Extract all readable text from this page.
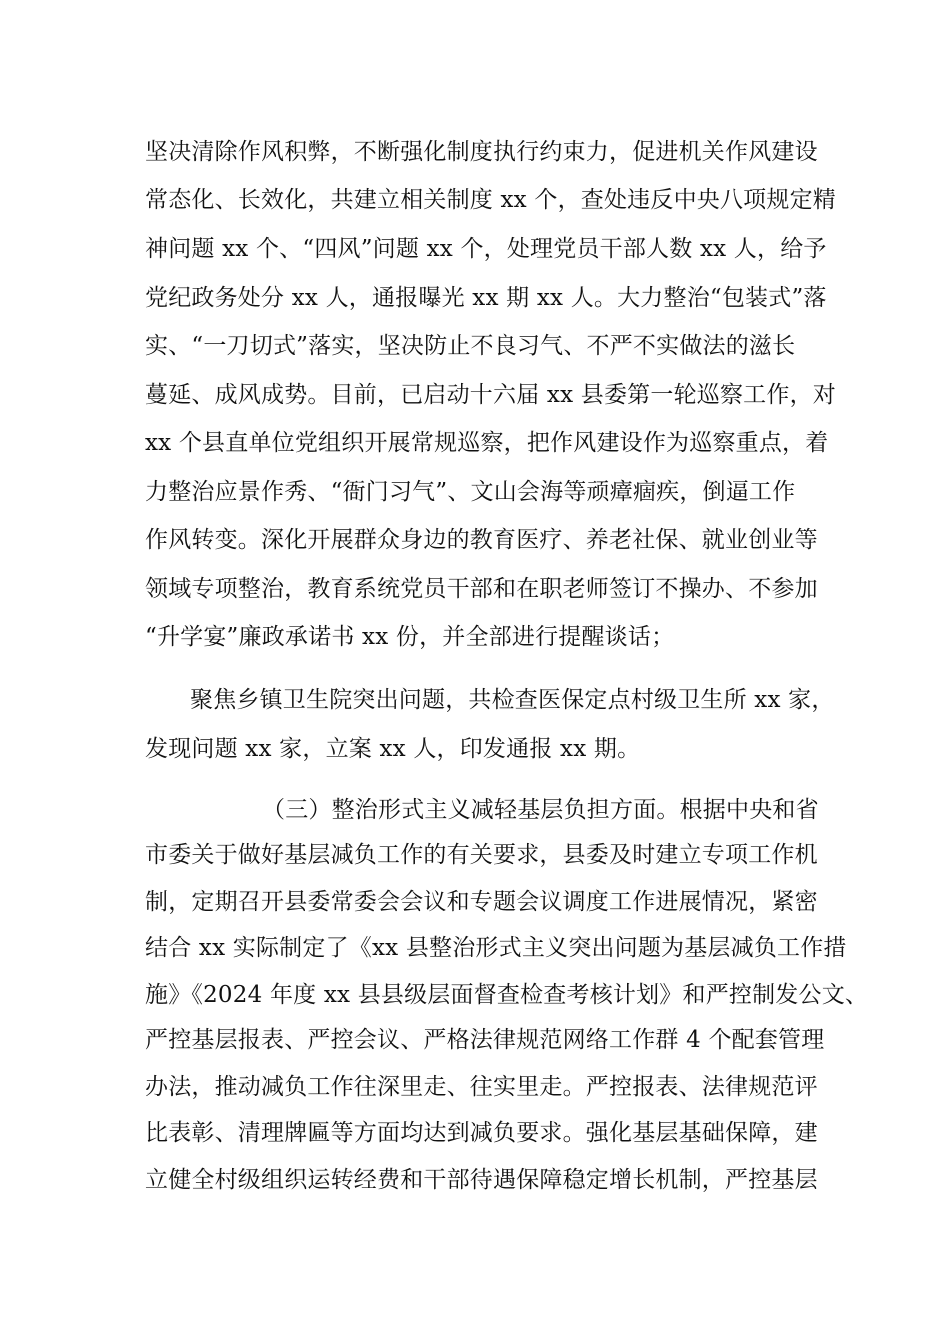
坚决清除作风积弊，不断强化制度执行约束力，促进机关作风建设
常态化、长效化，共建立相关制度 xx 个，查处违反中央八项规定精
神问题 xx 个、“四风”问题 xx 个，处理党员干部人数 xx 人，给予
党纪政务处分 xx 人，通报曝光 xx 期 xx 人。大力整治“包装式”落
实、“一刀切式”落实，坚决防止不良习气、不严不实做法的滋长
蔓延、成风成势。目前，已启动十六届 xx 县委第一轮巡察工作，对
xx 个县直单位党组织开展常规巡察，把作风建设作为巡察重点，着
力整治应景作秀、“衙门习气”、文山会海等顽瘴痼疾，倒逼工作
作风转变。深化开展群众身边的教育医疗、养老社保、就业创业等
领域专项整治，教育系统党员干部和在职老师签订不操办、不参加
“升学宴”廉政承诺书 xx 份，并全部进行提醒谈话；
聚焦乡镇卫生院突出问题，共检查医保定点村级卫生所 xx 家，
发现问题 xx 家，立案 xx 人，印发通报 xx 期。
（三）整治形式主义减轻基层负担方面。根据中央和省
市委关于做好基层减负工作的有关要求，县委及时建立专项工作机
制，定期召开县委常委会会议和专题会议调度工作进展情况，紧密
结合 xx 实际制定了《xx 县整治形式主义突出问题为基层减负工作措
施》《2024 年度 xx 县县级层面督查检查考核计划》和严控制发公文、
严控基层报表、严控会议、严格法律规范网络工作群 4 个配套管理
办法，推动减负工作往深里走、往实里走。严控报表、法律规范评
比表彰、清理牌匾等方面均达到减负要求。强化基层基础保障，建
立健全村级组织运转经费和干部待遇保障稳定增长机制，严控基层
